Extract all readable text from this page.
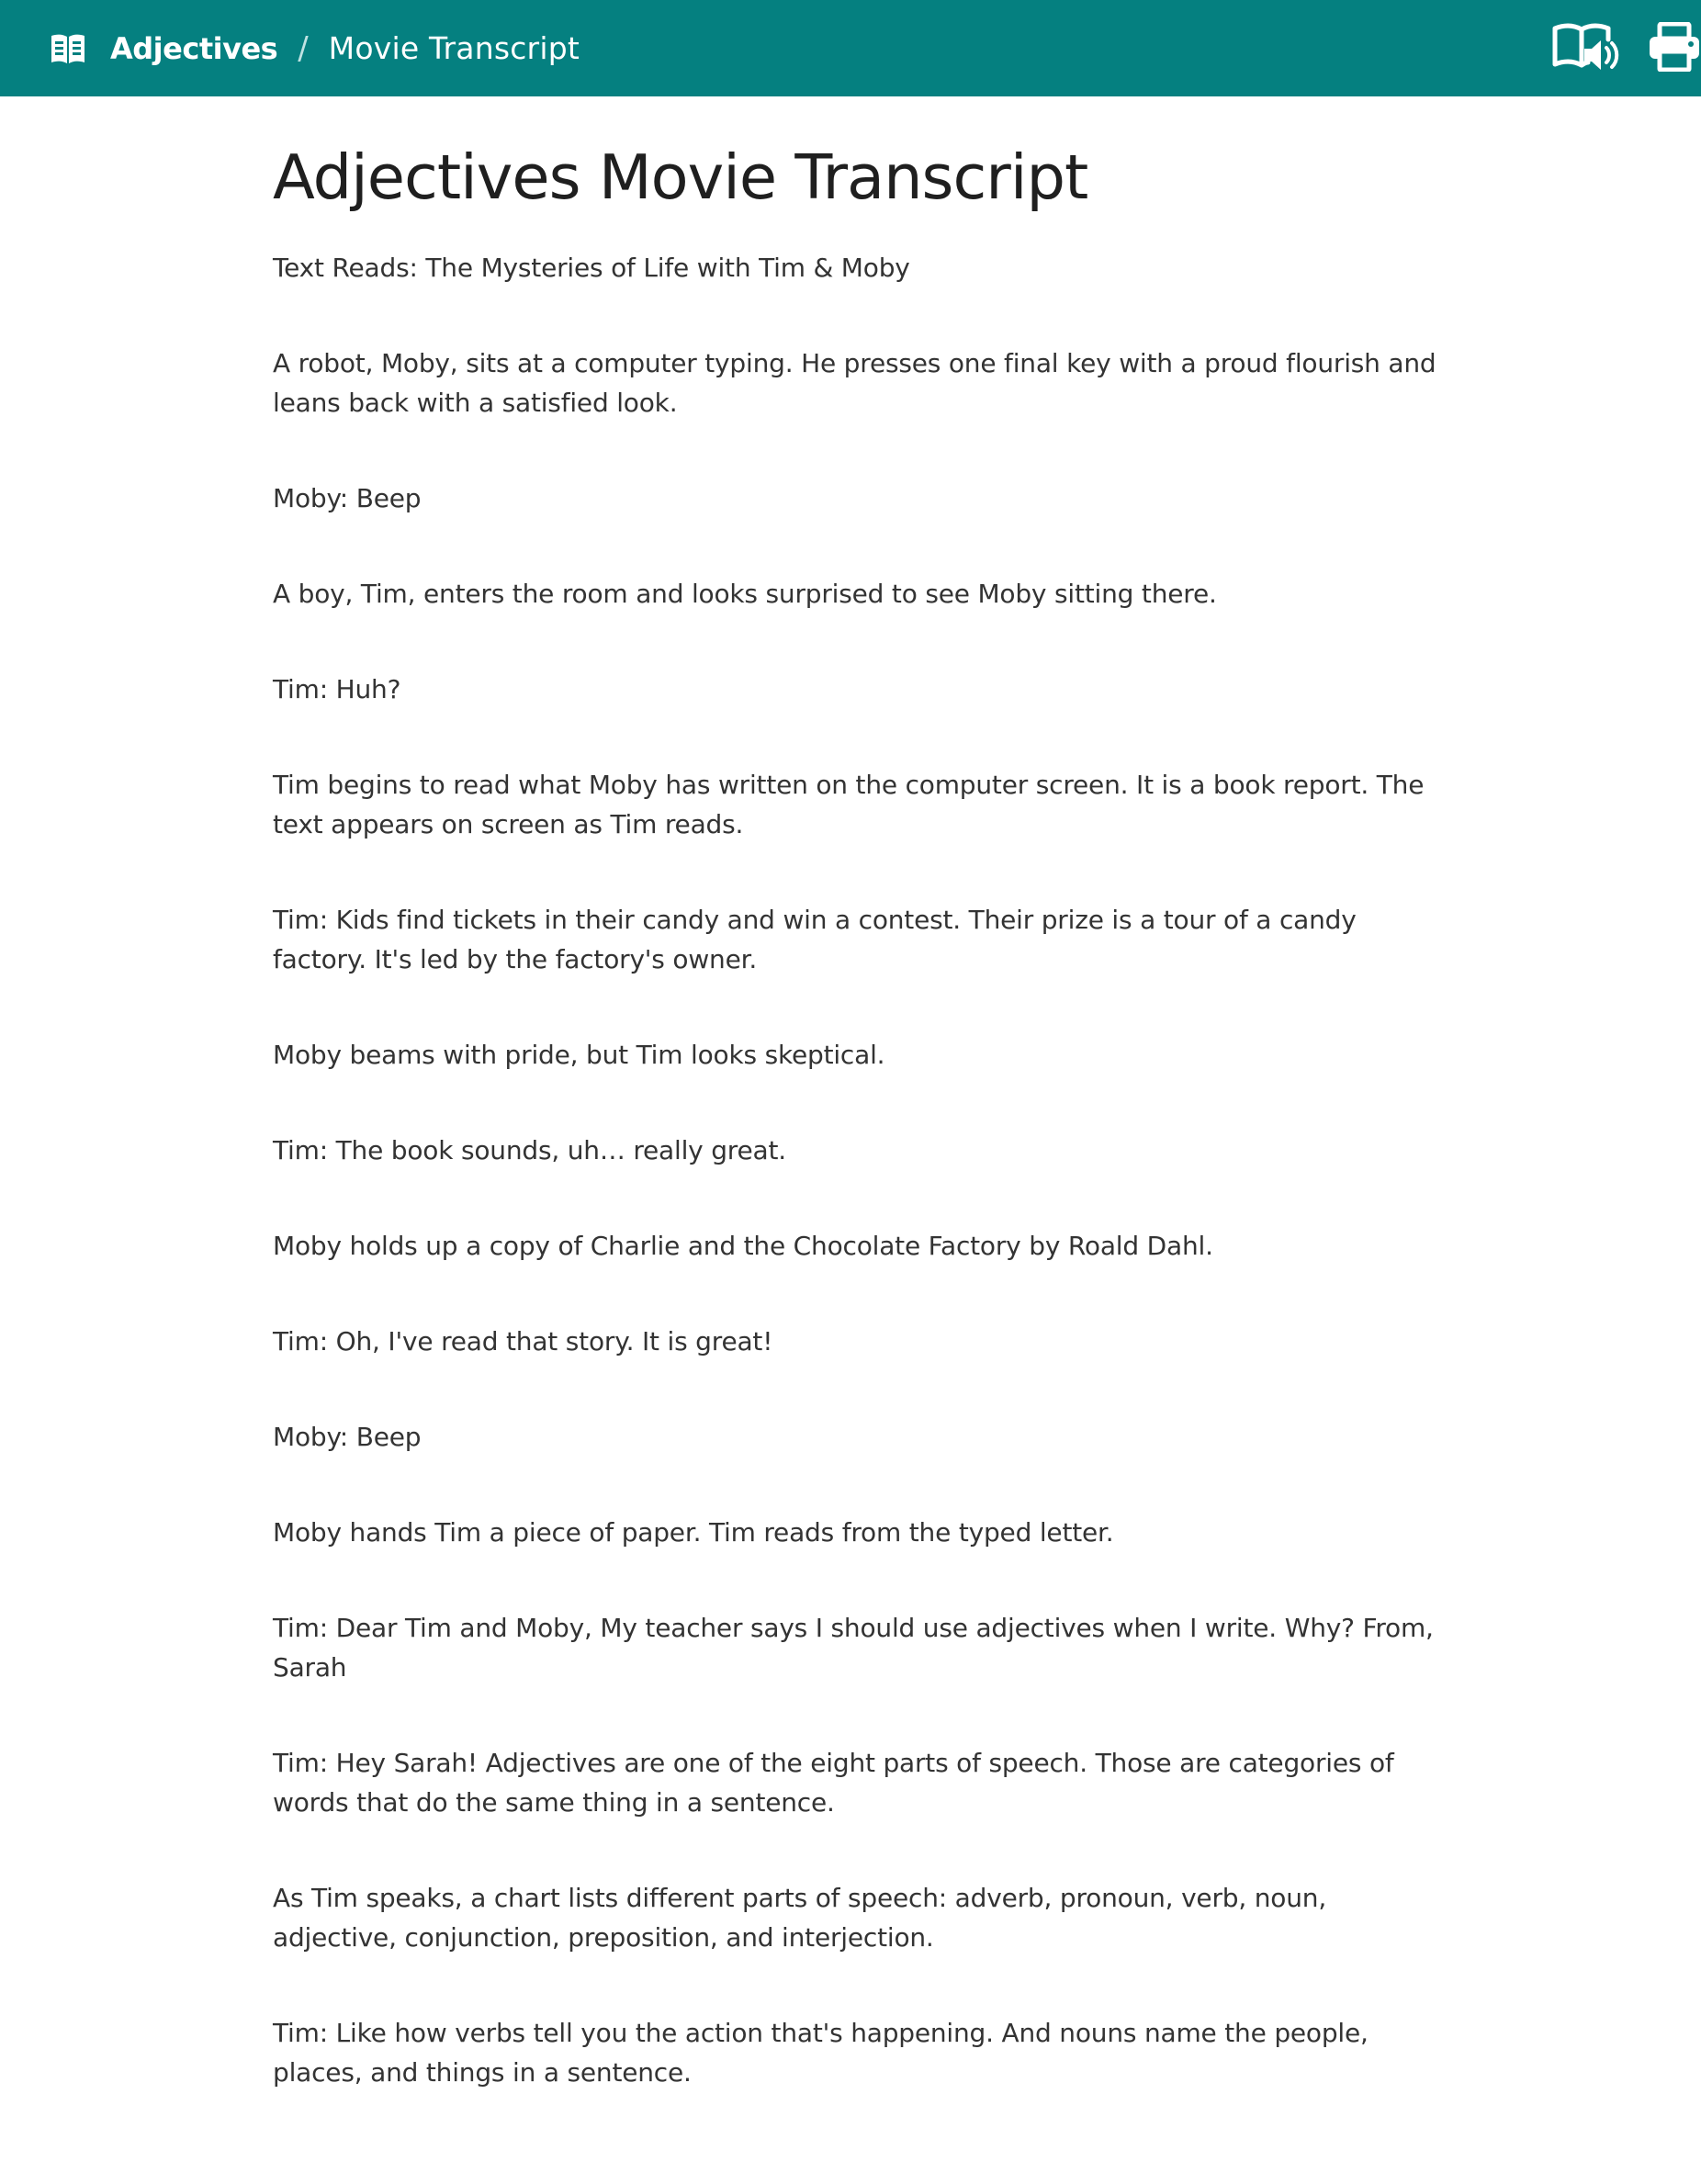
Adjectives / Movie Transcript
Adjectives Movie Transcript

Text Reads: The Mysteries of Life with Tim & Moby

A robot, Moby, sits at a computer typing. He presses one final key with a proud flourish and leans back with a satisfied look.

Moby: Beep

A boy, Tim, enters the room and looks surprised to see Moby sitting there.

Tim: Huh?

Tim begins to read what Moby has written on the computer screen. It is a book report. The text appears on screen as Tim reads.

Tim: Kids find tickets in their candy and win a contest. Their prize is a tour of a candy factory. It's led by the factory's owner.

Moby beams with pride, but Tim looks skeptical.

Tim: The book sounds, uh… really great.

Moby holds up a copy of Charlie and the Chocolate Factory by Roald Dahl.

Tim: Oh, I've read that story. It is great!

Moby: Beep

Moby hands Tim a piece of paper. Tim reads from the typed letter.

Tim: Dear Tim and Moby, My teacher says I should use adjectives when I write. Why? From, Sarah

Tim: Hey Sarah! Adjectives are one of the eight parts of speech. Those are categories of words that do the same thing in a sentence.

As Tim speaks, a chart lists different parts of speech: adverb, pronoun, verb, noun, adjective, conjunction, preposition, and interjection.

Tim: Like how verbs tell you the action that's happening. And nouns name the people, places, and things in a sentence.
